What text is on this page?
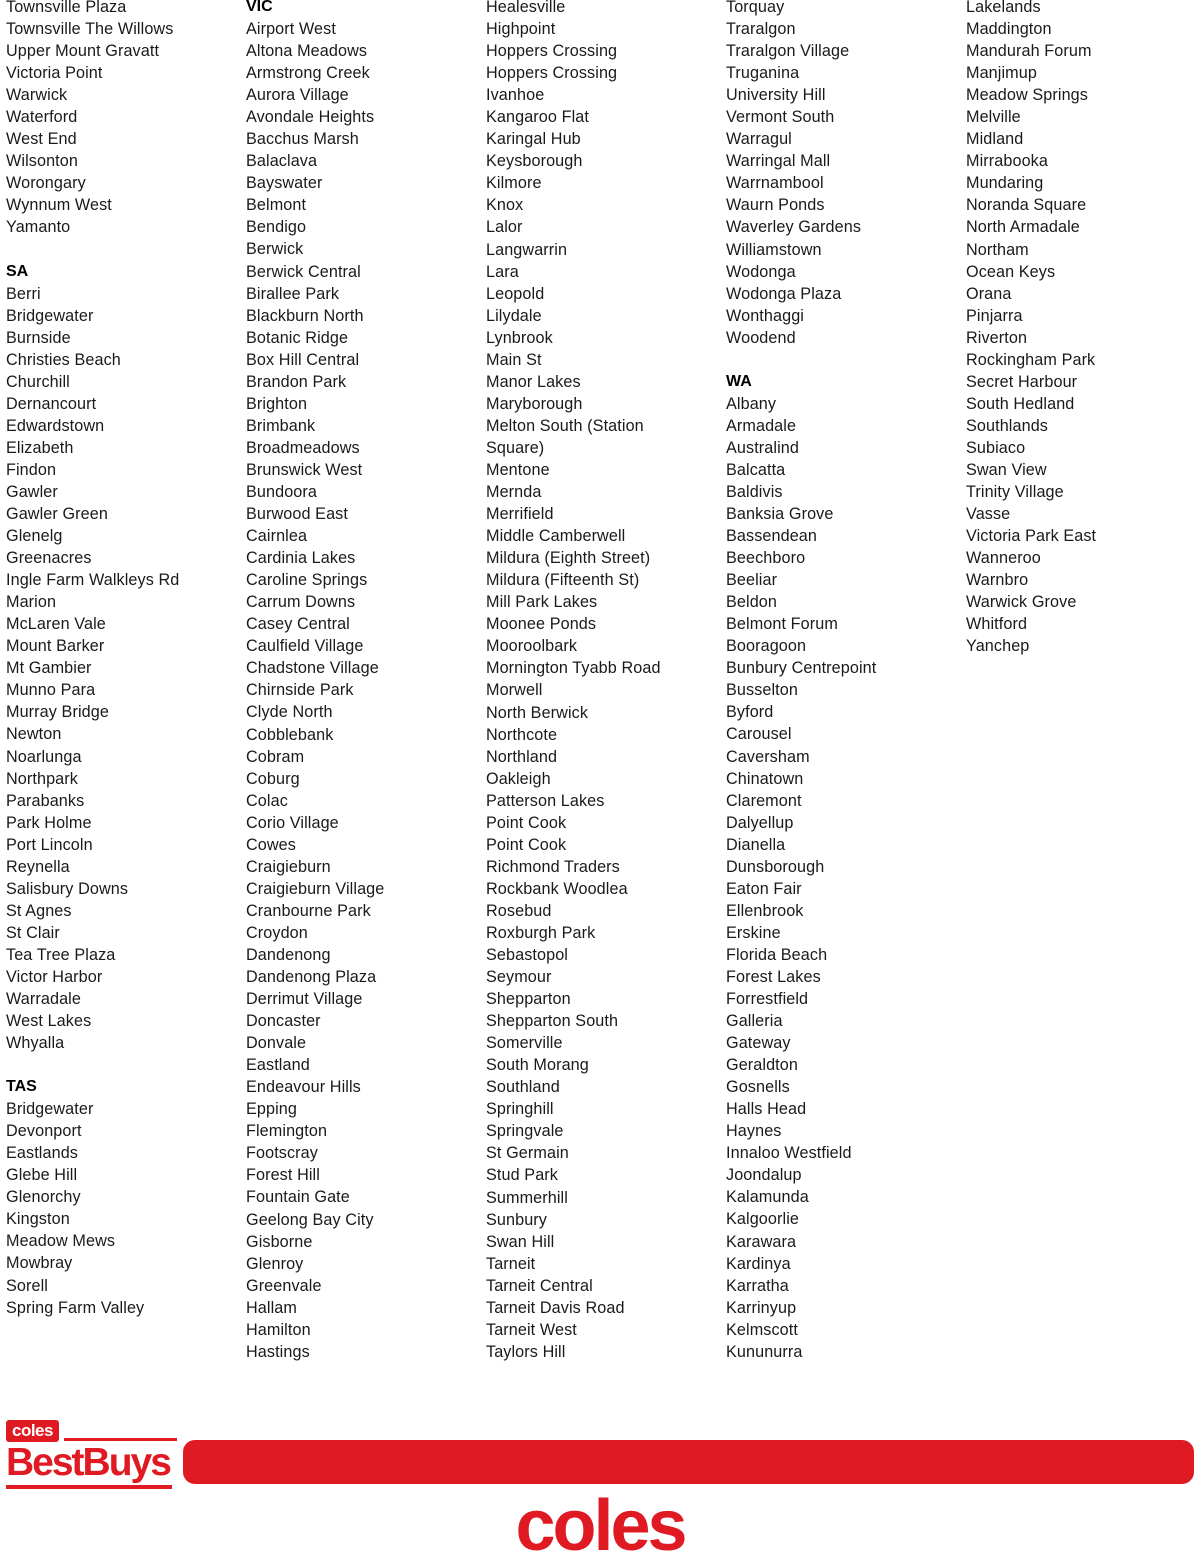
Townsville Plaza
Townsville The Willows
Upper Mount Gravatt
Victoria Point
Warwick
Waterford
West End
Wilsonton
Worongary
Wynnum West
Yamanto
SA
Berri
Bridgewater
Burnside
Christies Beach
Churchill
Dernancourt
Edwardstown
Elizabeth
Findon
Gawler
Gawler Green
Glenelg
Greenacres
Ingle Farm Walkleys Rd
Marion
McLaren Vale
Mount Barker
Mt Gambier
Munno Para
Murray Bridge
Newton
Noarlunga
Northpark
Parabanks
Park Holme
Port Lincoln
Reynella
Salisbury Downs
St Agnes
St Clair
Tea Tree Plaza
Victor Harbor
Warradale
West Lakes
Whyalla
TAS
Bridgewater
Devonport
Eastlands
Glebe Hill
Glenorchy
Kingston
Meadow Mews
Mowbray
Sorell
Spring Farm Valley
VIC
Airport West
Altona Meadows
Armstrong Creek
Aurora Village
Avondale Heights
Bacchus Marsh
Balaclava
Bayswater
Belmont
Bendigo
Berwick
Berwick Central
Birallee Park
Blackburn North
Botanic Ridge
Box Hill Central
Brandon Park
Brighton
Brimbank
Broadmeadows
Brunswick West
Bundoora
Burwood East
Cairnlea
Cardinia Lakes
Caroline Springs
Carrum Downs
Casey Central
Caulfield Village
Chadstone Village
Chirnside Park
Clyde North
Cobblebank
Cobram
Coburg
Colac
Corio Village
Cowes
Craigieburn
Craigieburn Village
Cranbourne Park
Croydon
Dandenong
Dandenong Plaza
Derrimut Village
Doncaster
Donvale
Eastland
Endeavour Hills
Epping
Flemington
Footscray
Forest Hill
Fountain Gate
Geelong Bay City
Gisborne
Glenroy
Greenvale
Hallam
Hamilton
Hastings
Healesville
Highpoint
Hoppers Crossing
Hoppers Crossing
Ivanhoe
Kangaroo Flat
Karingal Hub
Keysborough
Kilmore
Knox
Lalor
Langwarrin
Lara
Leopold
Lilydale
Lynbrook
Main St
Manor Lakes
Maryborough
Melton South (Station Square)
Mentone
Mernda
Merrifield
Middle Camberwell
Mildura (Eighth Street)
Mildura (Fifteenth St)
Mill Park Lakes
Moonee Ponds
Mooroolbark
Mornington Tyabb Road
Morwell
North Berwick
Northcote
Northland
Oakleigh
Patterson Lakes
Point Cook
Point Cook
Richmond Traders
Rockbank Woodlea
Rosebud
Roxburgh Park
Sebastopol
Seymour
Shepparton
Shepparton South
Somerville
South Morang
Southland
Springhill
Springvale
St Germain
Stud Park
Summerhill
Sunbury
Swan Hill
Tarneit
Tarneit Central
Tarneit Davis Road
Tarneit West
Taylors Hill
Torquay
Traralgon
Traralgon Village
Truganina
University Hill
Vermont South
Warragul
Warringal Mall
Warrnambool
Waurn Ponds
Waverley Gardens
Williamstown
Wodonga
Wodonga Plaza
Wonthaggi
Woodend
WA
Albany
Armadale
Australind
Balcatta
Baldivis
Banksia Grove
Bassendean
Beechboro
Beeliar
Beldon
Belmont Forum
Booragoon
Bunbury Centrepoint
Busselton
Byford
Carousel
Caversham
Chinatown
Claremont
Dalyellup
Dianella
Dunsborough
Eaton Fair
Ellenbrook
Erskine
Florida Beach
Forest Lakes
Forrestfield
Galleria
Gateway
Geraldton
Gosnells
Halls Head
Haynes
Innaloo Westfield
Joondalup
Kalamunda
Kalgoorlie
Karawara
Kardinya
Karratha
Karrinyup
Kelmscott
Kununurra
Lakelands
Maddington
Mandurah Forum
Manjimup
Meadow Springs
Melville
Midland
Mirrabooka
Mundaring
Noranda Square
North Armadale
Northam
Ocean Keys
Orana
Pinjarra
Riverton
Rockingham Park
Secret Harbour
South Hedland
Southlands
Subiaco
Swan View
Trinity Village
Vasse
Victoria Park East
Wanneroo
Warnbro
Warwick Grove
Whitford
Yanchep
coles
BestBuys
coles
